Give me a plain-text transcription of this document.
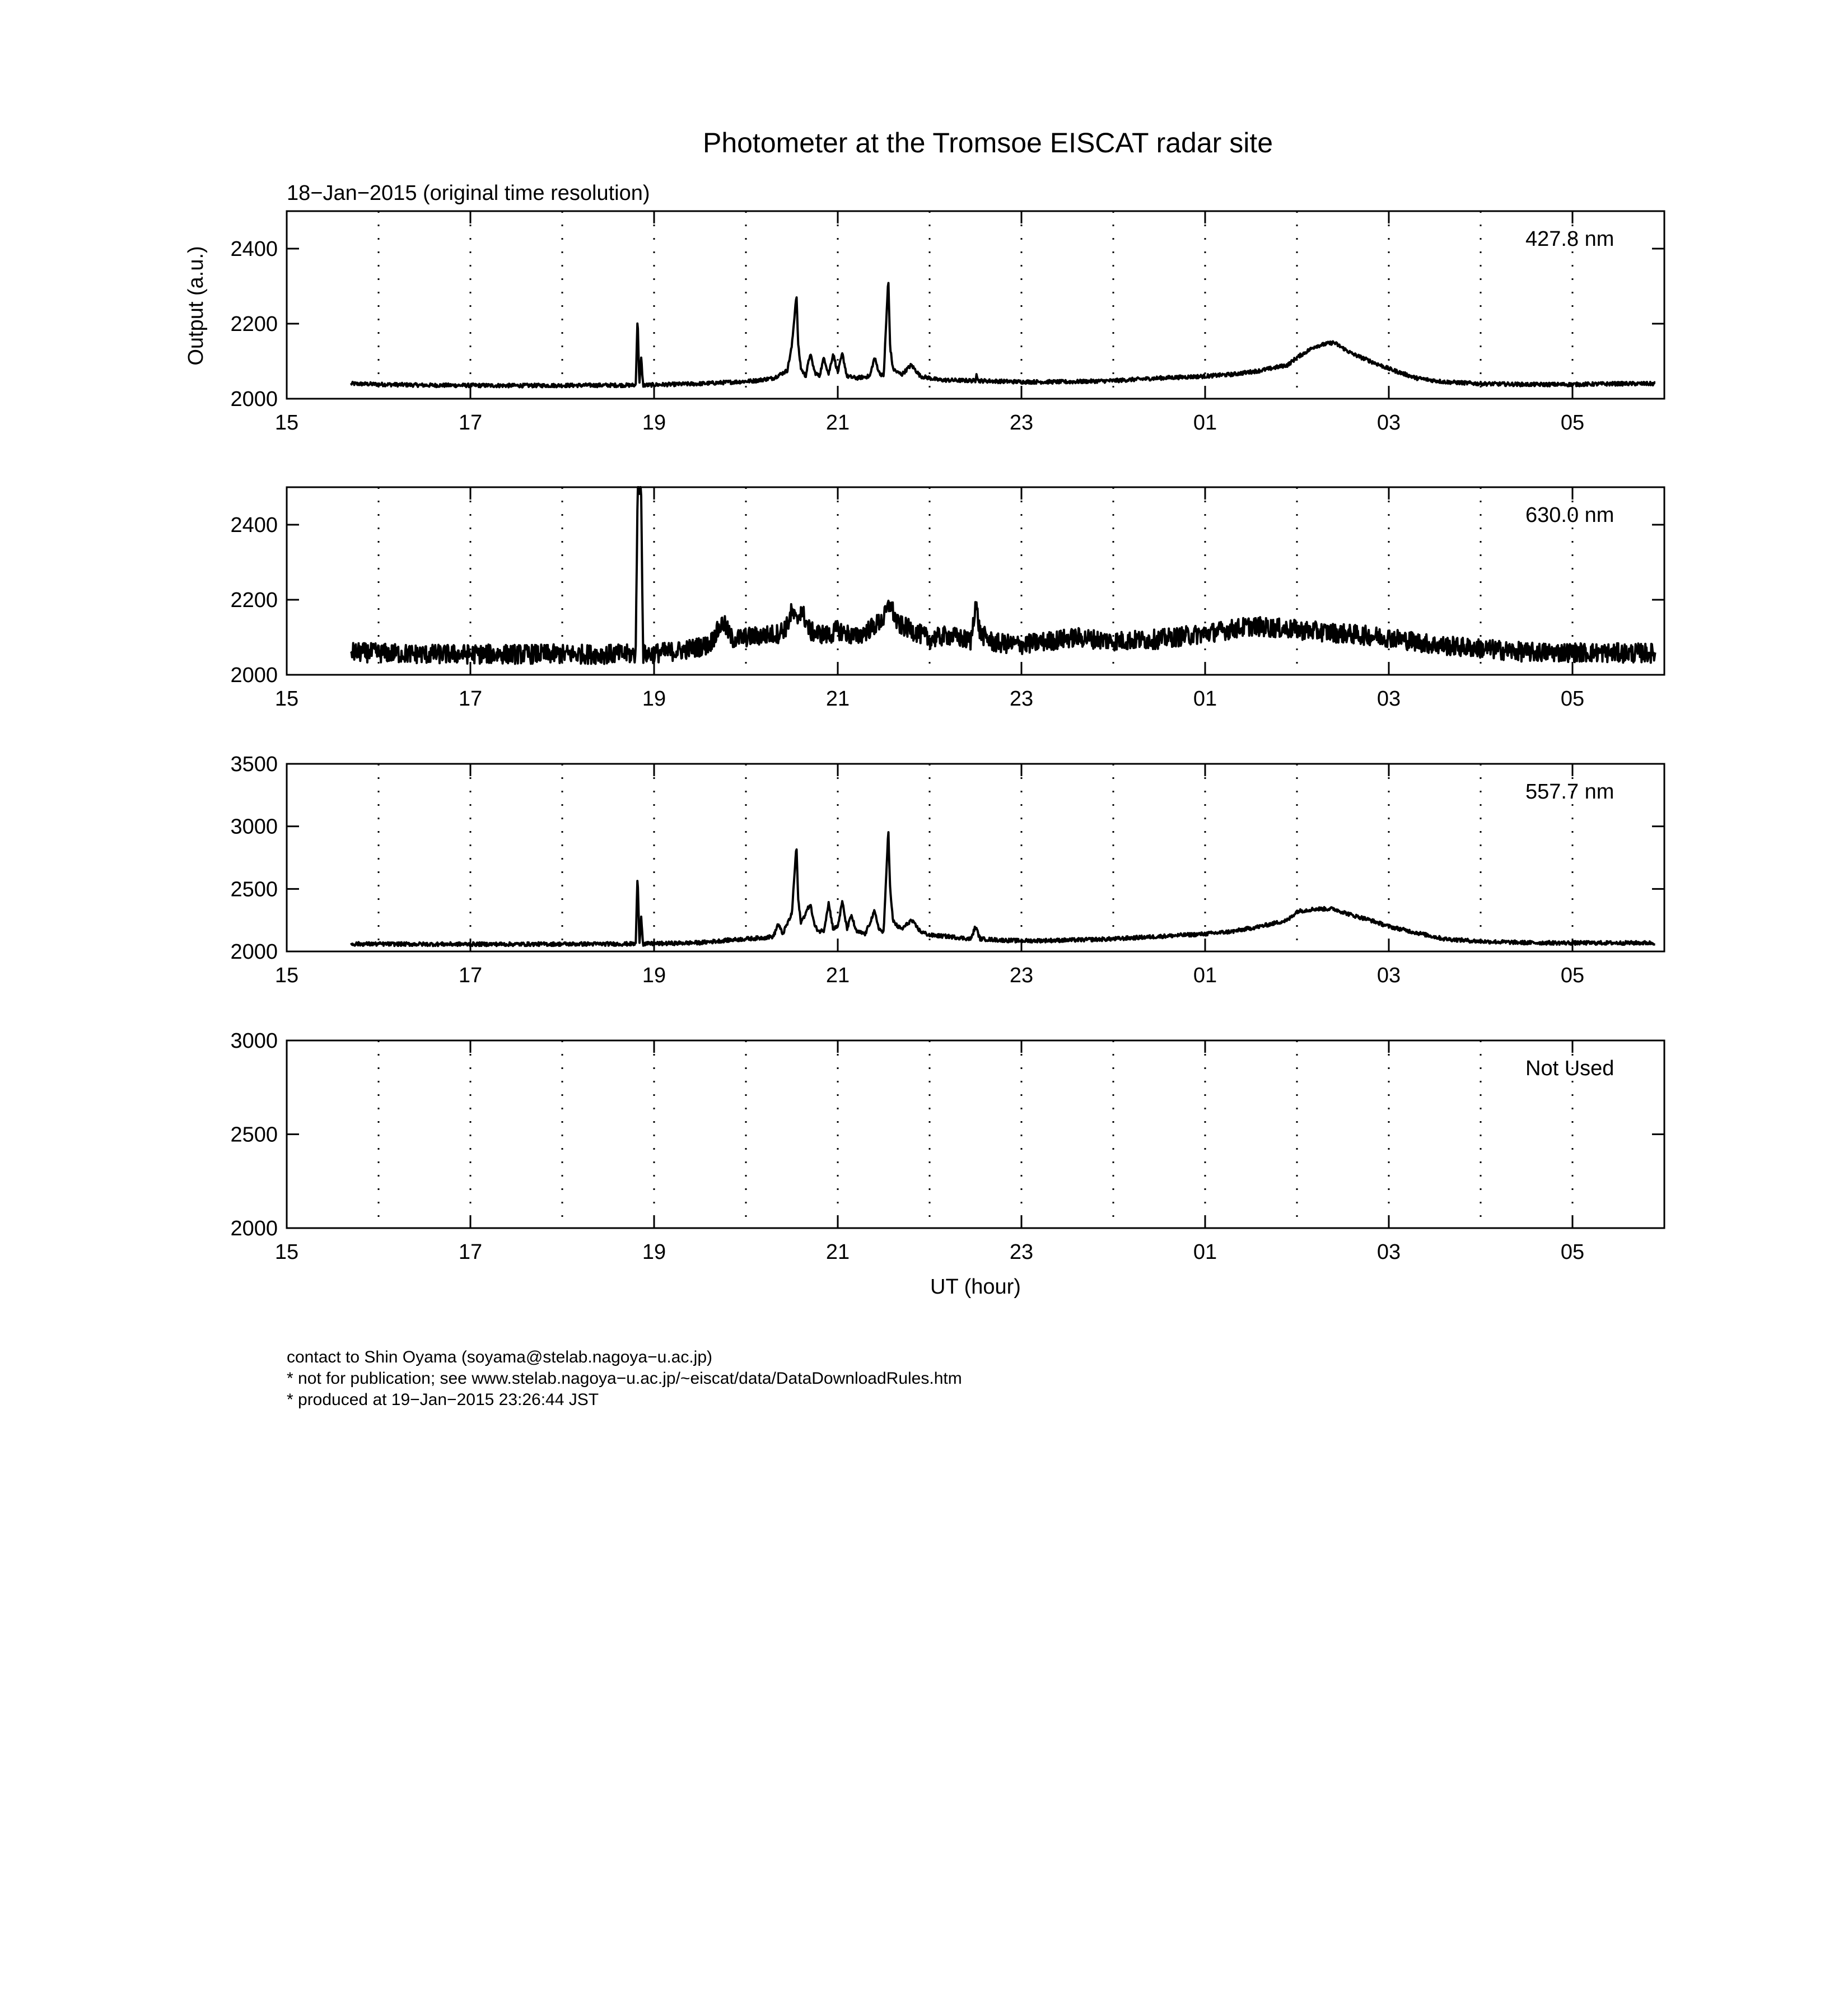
Photometer at the Tromsoe EISCAT radar site
18−Jan−2015 (original time resolution)
Output (a.u.)
UT (hour)
15	17	19	21	23	01	03	05
2000
2200
2400	427.8 nm
15	17	19	21	23	01	03	05
2000
2200
2400	630.0 nm
15	17	19	21	23	01	03	05
2000
2500
3000
3500
557.7 nm
15	17	19	21	23	01	03	05
2000
2500
3000
Not Used
contact to Shin Oyama (soyama@stelab.nagoya−u.ac.jp)
* not for publication; see www.stelab.nagoya−u.ac.jp/~eiscat/data/DataDownloadRules.htm
* produced at 19−Jan−2015 23:26:44 JST
